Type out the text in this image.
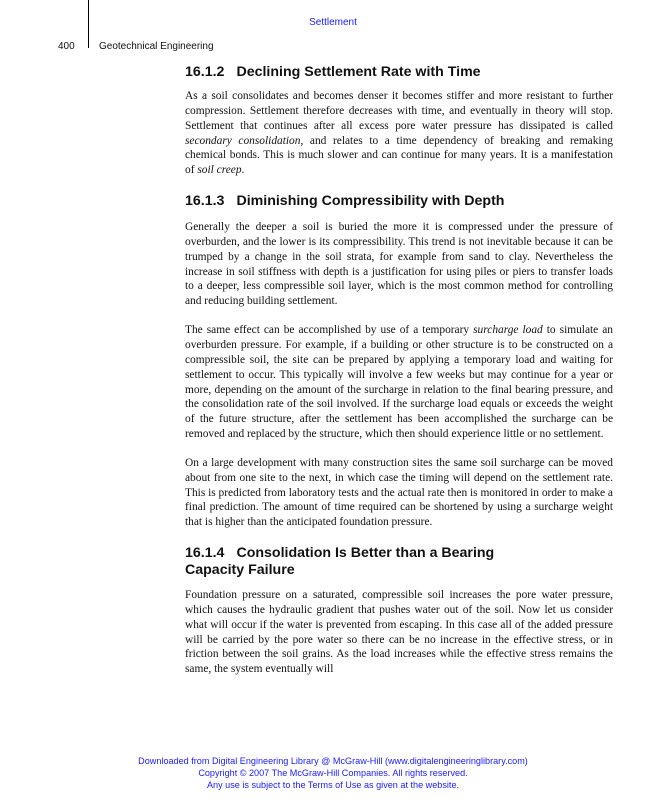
Settlement
400 Geotechnical Engineering
16.1.2 Declining Settlement Rate with Time

As a soil consolidates and becomes denser it becomes stiffer and more resistant to further compression. Settlement therefore decreases with time, and eventually in theory will stop. Settlement that continues after all excess pore water pressure has dissipated is called secondary consolidation, and relates to a time dependency of breaking and remaking chemical bonds. This is much slower and can continue for many years. It is a manifestation of soil creep.

16.1.3 Diminishing Compressibility with Depth

Generally the deeper a soil is buried the more it is compressed under the pressure of overburden, and the lower is its compressibility. This trend is not inevitable because it can be trumped by a change in the soil strata, for example from sand to clay. Nevertheless the increase in soil stiffness with depth is a justification for using piles or piers to transfer loads to a deeper, less compressible soil layer, which is the most common method for controlling and reducing building settlement.

The same effect can be accomplished by use of a temporary surcharge load to simulate an overburden pressure. For example, if a building or other structure is to be constructed on a compressible soil, the site can be prepared by applying a temporary load and waiting for settlement to occur. This typically will involve a few weeks but may continue for a year or more, depending on the amount of the surcharge in relation to the final bearing pressure, and the consolidation rate of the soil involved. If the surcharge load equals or exceeds the weight of the future structure, after the settlement has been accomplished the surcharge can be removed and replaced by the structure, which then should experience little or no settlement.

On a large development with many construction sites the same soil surcharge can be moved about from one site to the next, in which case the timing will depend on the settlement rate. This is predicted from laboratory tests and the actual rate then is monitored in order to make a final prediction. The amount of time required can be shortened by using a surcharge weight that is higher than the anticipated foundation pressure.

16.1.4 Consolidation Is Better than a Bearing
Capacity Failure

Foundation pressure on a saturated, compressible soil increases the pore water pressure, which causes the hydraulic gradient that pushes water out of the soil. Now let us consider what will occur if the water is prevented from escaping. In this case all of the added pressure will be carried by the pore water so there can be no increase in the effective stress, or in friction between the soil grains. As the load increases while the effective stress remains the same, the system eventually will

Downloaded from Digital Engineering Library @ McGraw-Hill (www.digitalengineeringlibrary.com)
Copyright © 2007 The McGraw-Hill Companies. All rights reserved.
Any use is subject to the Terms of Use as given at the website.
